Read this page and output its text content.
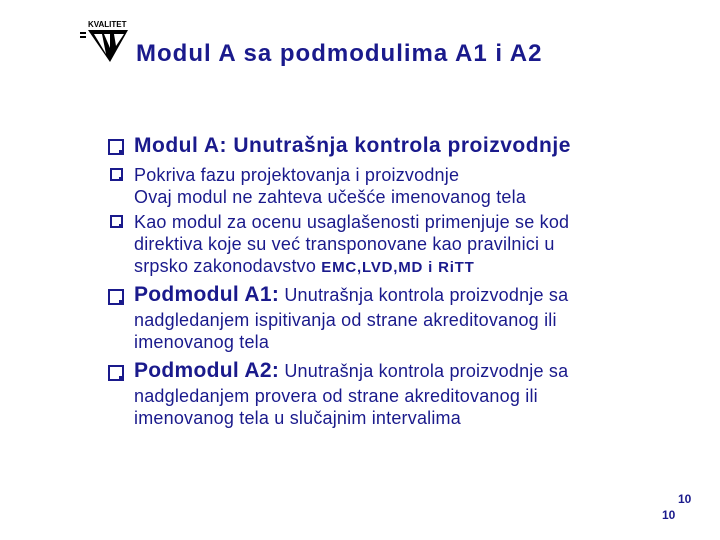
KVALITET
Modul A sa podmodulima A1 i A2
Modul A: Unutrašnja kontrola proizvodnje
Pokriva fazu projektovanja i proizvodnje
Ovaj modul ne zahteva učešće imenovanog tela
Kao modul za ocenu usaglašenosti primenjuje se kod
direktiva koje su već transponovane kao pravilnici u
srpsko zakonodavstvo EMC,LVD,MD i RiTT
Podmodul A1: Unutrašnja kontrola proizvodnje sa
nadgledanjem ispitivanja od strane akreditovanog ili
imenovanog tela
Podmodul A2: Unutrašnja kontrola proizvodnje sa
nadgledanjem provera od strane akreditovanog ili
imenovanog tela u slučajnim intervalima
10
10
